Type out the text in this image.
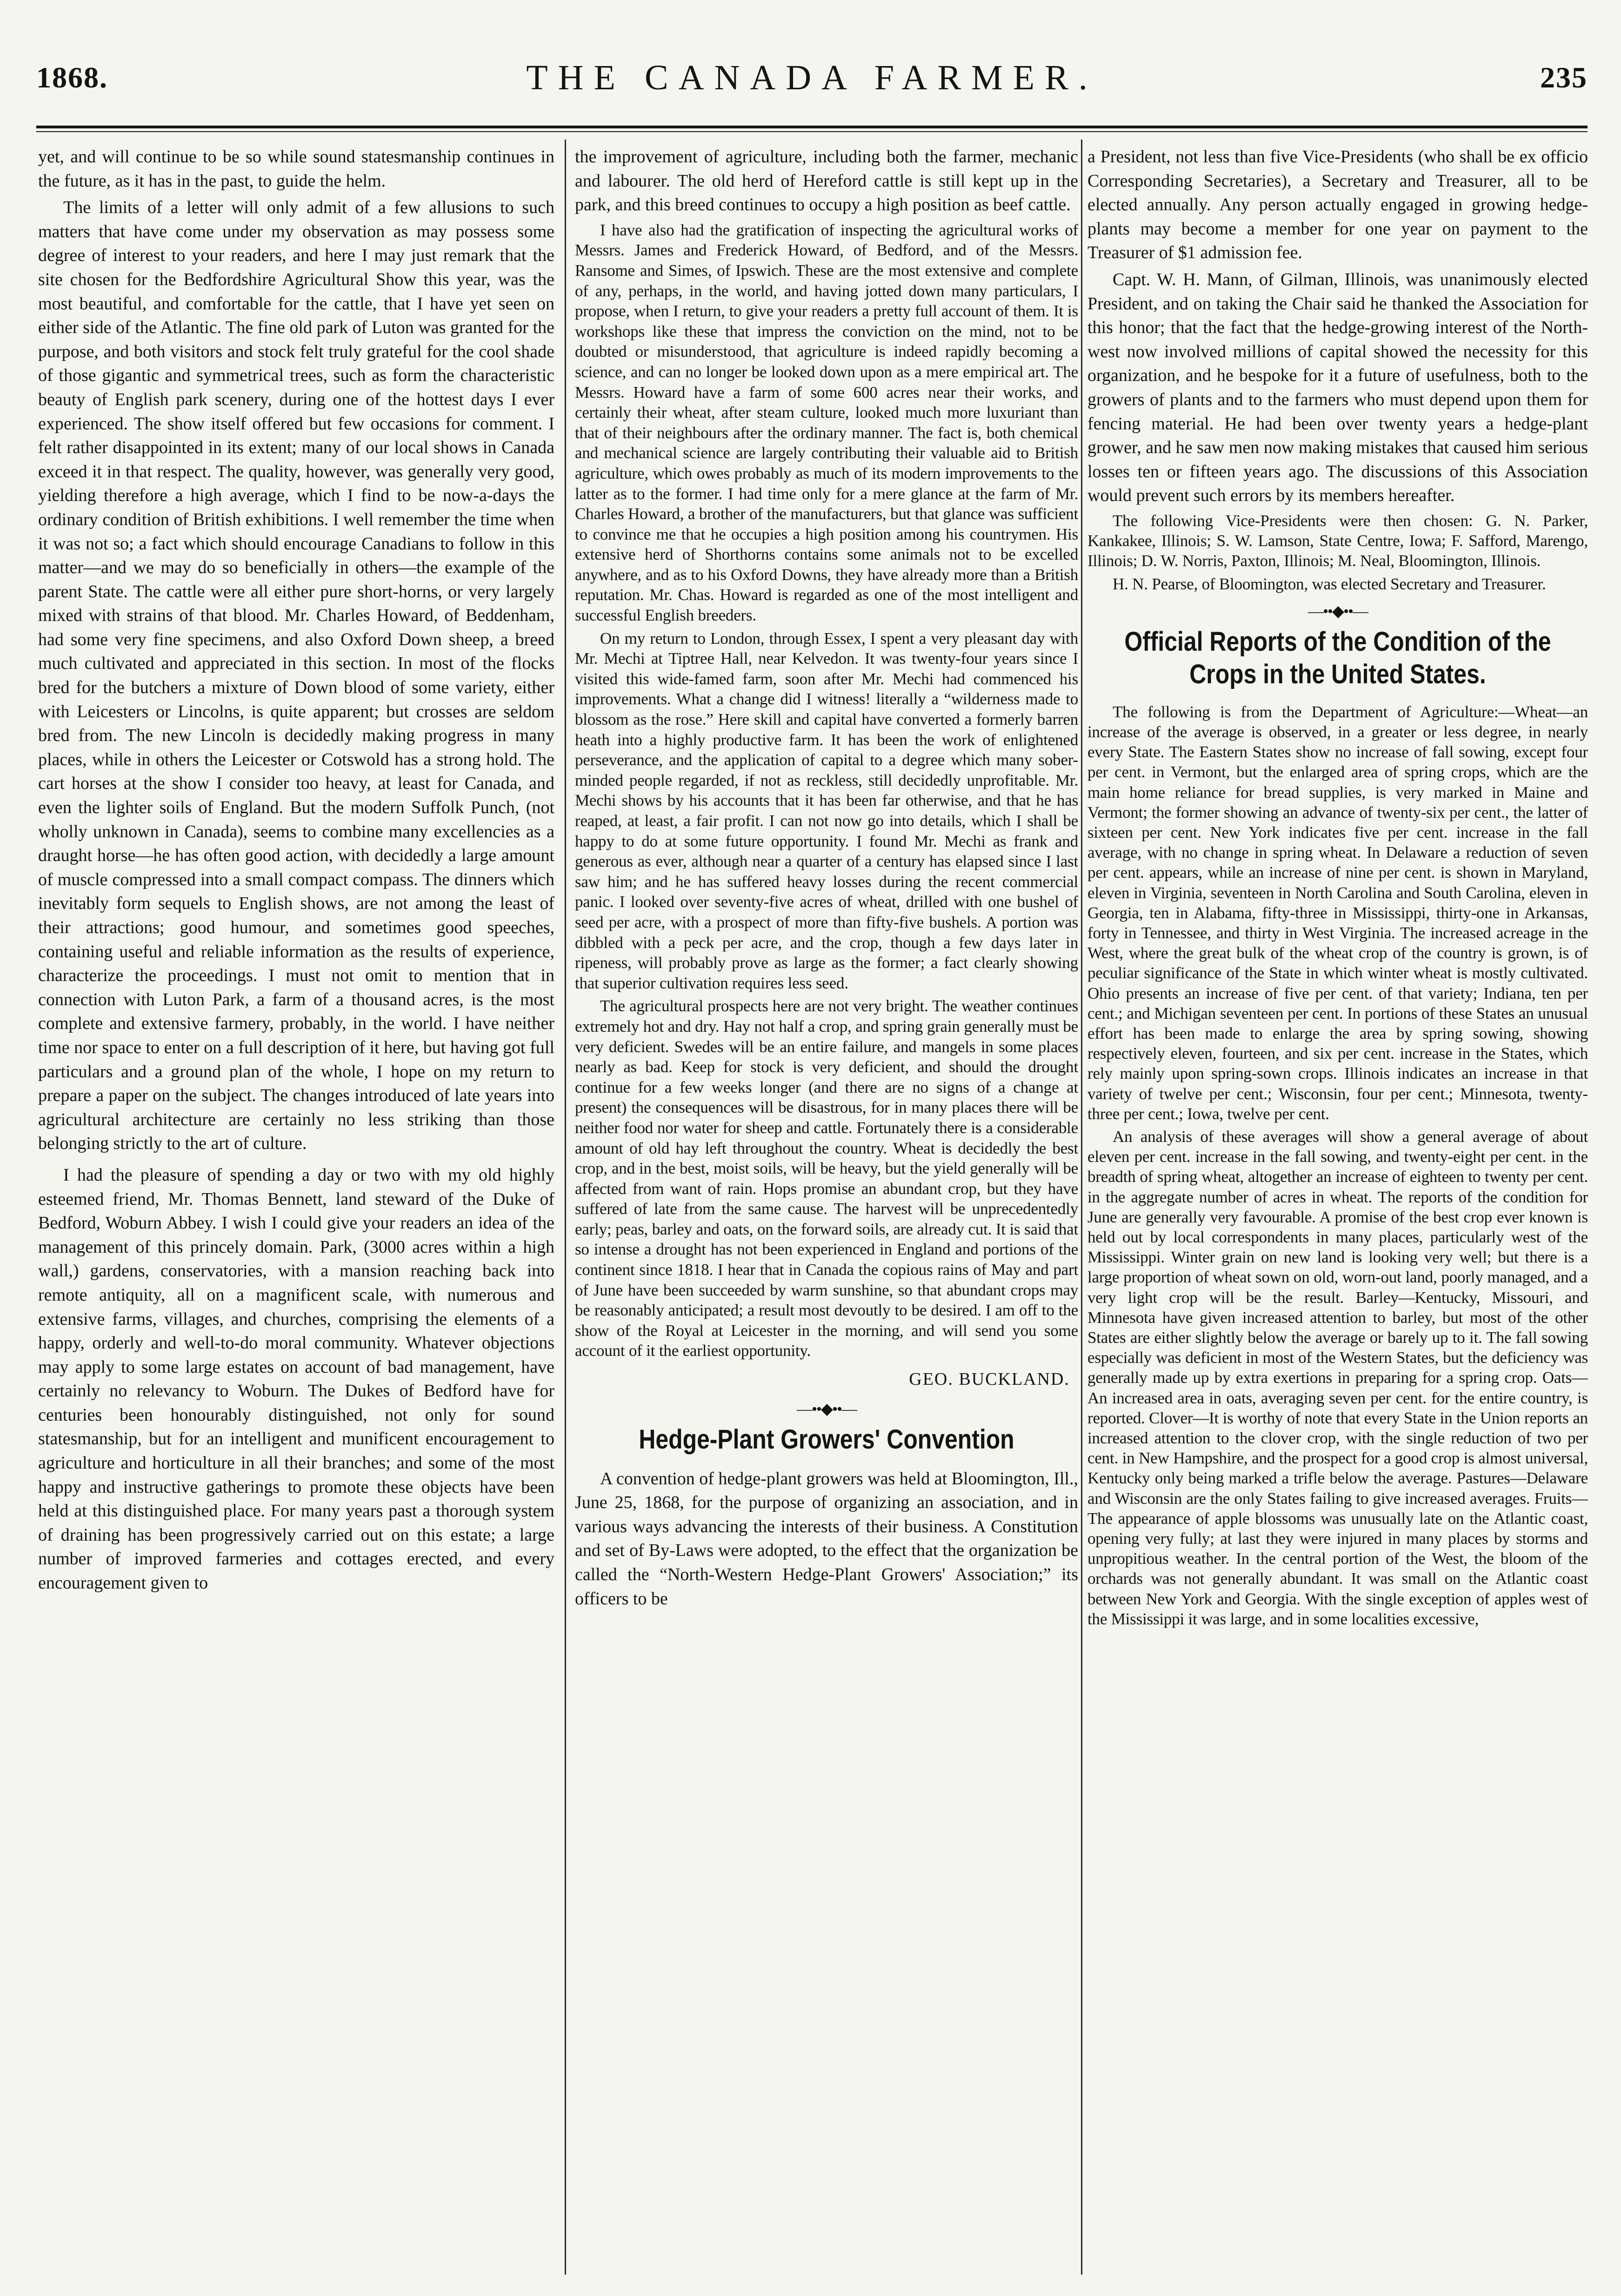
1868.	THE CANADA FARMER.	235

yet, and will continue to be so while sound statesmanship continues in the future, as it has in the past, to guide the helm.

The limits of a letter will only admit of a few allusions to such matters that have come under my observation as may possess some degree of interest to your readers, and here I may just remark that the site chosen for the Bedfordshire Agricultural Show this year, was the most beautiful, and comfortable for the cattle, that I have yet seen on either side of the Atlantic. The fine old park of Luton was granted for the purpose, and both visitors and stock felt truly grateful for the cool shade of those gigantic and symmetrical trees, such as form the characteristic beauty of English park scenery, during one of the hottest days I ever experienced. The show itself offered but few occasions for comment. I felt rather disappointed in its extent; many of our local shows in Canada exceed it in that respect. The quality, however, was generally very good, yielding therefore a high average, which I find to be now-a-days the ordinary condition of British exhibitions. I well remember the time when it was not so; a fact which should encourage Canadians to follow in this matter—and we may do so beneficially in others—the example of the parent State. The cattle were all either pure short-horns, or very largely mixed with strains of that blood. Mr. Charles Howard, of Beddenham, had some very fine specimens, and also Oxford Down sheep, a breed much cultivated and appreciated in this section. In most of the flocks bred for the butchers a mixture of Down blood of some variety, either with Leicesters or Lincolns, is quite apparent; but crosses are seldom bred from. The new Lincoln is decidedly making progress in many places, while in others the Leicester or Cotswold has a strong hold. The cart horses at the show I consider too heavy, at least for Canada, and even the lighter soils of England. But the modern Suffolk Punch, (not wholly unknown in Canada), seems to combine many excellencies as a draught horse—he has often good action, with decidedly a large amount of muscle compressed into a small compact compass. The dinners which inevitably form sequels to English shows, are not among the least of their attractions; good humour, and sometimes good speeches, containing useful and reliable information as the results of experience, characterize the proceedings. I must not omit to mention that in connection with Luton Park, a farm of a thousand acres, is the most complete and extensive farmery, probably, in the world. I have neither time nor space to enter on a full description of it here, but having got full particulars and a ground plan of the whole, I hope on my return to prepare a paper on the subject. The changes introduced of late years into agricultural architecture are certainly no less striking than those belonging strictly to the art of culture.

I had the pleasure of spending a day or two with my old highly esteemed friend, Mr. Thomas Bennett, land steward of the Duke of Bedford, Woburn Abbey. I wish I could give your readers an idea of the management of this princely domain. Park, (3000 acres within a high wall,) gardens, conservatories, with a mansion reaching back into remote antiquity, all on a magnificent scale, with numerous and extensive farms, villages, and churches, comprising the elements of a happy, orderly and well-to-do moral community. Whatever objections may apply to some large estates on account of bad management, have certainly no relevancy to Woburn. The Dukes of Bedford have for centuries been honourably distinguished, not only for sound statesmanship, but for an intelligent and munificent encouragement to agriculture and horticulture in all their branches; and some of the most happy and instructive gatherings to promote these objects have been held at this distinguished place. For many years past a thorough system of draining has been progressively carried out on this estate; a large number of improved farmeries and cottages erected, and every encouragement given to

the improvement of agriculture, including both the farmer, mechanic and labourer. The old herd of Hereford cattle is still kept up in the park, and this breed continues to occupy a high position as beef cattle.

I have also had the gratification of inspecting the agricultural works of Messrs. James and Frederick Howard, of Bedford, and of the Messrs. Ransome and Simes, of Ipswich. These are the most extensive and complete of any, perhaps, in the world, and having jotted down many particulars, I propose, when I return, to give your readers a pretty full account of them. It is workshops like these that impress the conviction on the mind, not to be doubted or misunderstood, that agriculture is indeed rapidly becoming a science, and can no longer be looked down upon as a mere empirical art. The Messrs. Howard have a farm of some 600 acres near their works, and certainly their wheat, after steam culture, looked much more luxuriant than that of their neighbours after the ordinary manner. The fact is, both chemical and mechanical science are largely contributing their valuable aid to British agriculture, which owes probably as much of its modern improvements to the latter as to the former. I had time only for a mere glance at the farm of Mr. Charles Howard, a brother of the manufacturers, but that glance was sufficient to convince me that he occupies a high position among his countrymen. His extensive herd of Shorthorns contains some animals not to be excelled anywhere, and as to his Oxford Downs, they have already more than a British reputation. Mr. Chas. Howard is regarded as one of the most intelligent and successful English breeders.

On my return to London, through Essex, I spent a very pleasant day with Mr. Mechi at Tiptree Hall, near Kelvedon. It was twenty-four years since I visited this wide-famed farm, soon after Mr. Mechi had commenced his improvements. What a change did I witness! literally a “wilderness made to blossom as the rose.” Here skill and capital have converted a formerly barren heath into a highly productive farm. It has been the work of enlightened perseverance, and the application of capital to a degree which many sober-minded people regarded, if not as reckless, still decidedly unprofitable. Mr. Mechi shows by his accounts that it has been far otherwise, and that he has reaped, at least, a fair profit. I can not now go into details, which I shall be happy to do at some future opportunity. I found Mr. Mechi as frank and generous as ever, although near a quarter of a century has elapsed since I last saw him; and he has suffered heavy losses during the recent commercial panic. I looked over seventy-five acres of wheat, drilled with one bushel of seed per acre, with a prospect of more than fifty-five bushels. A portion was dibbled with a peck per acre, and the crop, though a few days later in ripeness, will probably prove as large as the former; a fact clearly showing that superior cultivation requires less seed.

The agricultural prospects here are not very bright. The weather continues extremely hot and dry. Hay not half a crop, and spring grain generally must be very deficient. Swedes will be an entire failure, and mangels in some places nearly as bad. Keep for stock is very deficient, and should the drought continue for a few weeks longer (and there are no signs of a change at present) the consequences will be disastrous, for in many places there will be neither food nor water for sheep and cattle. Fortunately there is a considerable amount of old hay left throughout the country. Wheat is decidedly the best crop, and in the best, moist soils, will be heavy, but the yield generally will be affected from want of rain. Hops promise an abundant crop, but they have suffered of late from the same cause. The harvest will be unprecedentedly early; peas, barley and oats, on the forward soils, are already cut. It is said that so intense a drought has not been experienced in England and portions of the continent since 1818. I hear that in Canada the copious rains of May and part of June have been succeeded by warm sunshine, so that abundant crops may be reasonably anticipated; a result most devoutly to be desired. I am off to the show of the Royal at Leicester in the morning, and will send you some account of it the earliest opportunity.

GEO. BUCKLAND.
—••◆••—
Hedge-Plant Growers' Convention

A convention of hedge-plant growers was held at Bloomington, Ill., June 25, 1868, for the purpose of organizing an association, and in various ways advancing the interests of their business. A Constitution and set of By-Laws were adopted, to the effect that the organization be called the “North-Western Hedge-Plant Growers' Association;” its officers to be

a President, not less than five Vice-Presidents (who shall be ex officio Corresponding Secretaries), a Secretary and Treasurer, all to be elected annually. Any person actually engaged in growing hedge-plants may become a member for one year on payment to the Treasurer of $1 admission fee.

Capt. W. H. Mann, of Gilman, Illinois, was unanimously elected President, and on taking the Chair said he thanked the Association for this honor; that the fact that the hedge-growing interest of the North-west now involved millions of capital showed the necessity for this organization, and he bespoke for it a future of usefulness, both to the growers of plants and to the farmers who must depend upon them for fencing material. He had been over twenty years a hedge-plant grower, and he saw men now making mistakes that caused him serious losses ten or fifteen years ago. The discussions of this Association would prevent such errors by its members hereafter.

The following Vice-Presidents were then chosen: G. N. Parker, Kankakee, Illinois; S. W. Lamson, State Centre, Iowa; F. Safford, Marengo, Illinois; D. W. Norris, Paxton, Illinois; M. Neal, Bloomington, Illinois.

H. N. Pearse, of Bloomington, was elected Secretary and Treasurer.

—••◆••—
Official Reports of the Condition of the Crops in the United States.

The following is from the Department of Agriculture:—Wheat—an increase of the average is observed, in a greater or less degree, in nearly every State. The Eastern States show no increase of fall sowing, except four per cent. in Vermont, but the enlarged area of spring crops, which are the main home reliance for bread supplies, is very marked in Maine and Vermont; the former showing an advance of twenty-six per cent., the latter of sixteen per cent. New York indicates five per cent. increase in the fall average, with no change in spring wheat. In Delaware a reduction of seven per cent. appears, while an increase of nine per cent. is shown in Maryland, eleven in Virginia, seventeen in North Carolina and South Carolina, eleven in Georgia, ten in Alabama, fifty-three in Mississippi, thirty-one in Arkansas, forty in Tennessee, and thirty in West Virginia. The increased acreage in the West, where the great bulk of the wheat crop of the country is grown, is of peculiar significance of the State in which winter wheat is mostly cultivated. Ohio presents an increase of five per cent. of that variety; Indiana, ten per cent.; and Michigan seventeen per cent. In portions of these States an unusual effort has been made to enlarge the area by spring sowing, showing respectively eleven, fourteen, and six per cent. increase in the States, which rely mainly upon spring-sown crops. Illinois indicates an increase in that variety of twelve per cent.; Wisconsin, four per cent.; Minnesota, twenty-three per cent.; Iowa, twelve per cent.

An analysis of these averages will show a general average of about eleven per cent. increase in the fall sowing, and twenty-eight per cent. in the breadth of spring wheat, altogether an increase of eighteen to twenty per cent. in the aggregate number of acres in wheat. The reports of the condition for June are generally very favourable. A promise of the best crop ever known is held out by local correspondents in many places, particularly west of the Mississippi. Winter grain on new land is looking very well; but there is a large proportion of wheat sown on old, worn-out land, poorly managed, and a very light crop will be the result. Barley—Kentucky, Missouri, and Minnesota have given increased attention to barley, but most of the other States are either slightly below the average or barely up to it. The fall sowing especially was deficient in most of the Western States, but the deficiency was generally made up by extra exertions in preparing for a spring crop. Oats—An increased area in oats, averaging seven per cent. for the entire country, is reported. Clover—It is worthy of note that every State in the Union reports an increased attention to the clover crop, with the single reduction of two per cent. in New Hampshire, and the prospect for a good crop is almost universal, Kentucky only being marked a trifle below the average. Pastures—Delaware and Wisconsin are the only States failing to give increased averages. Fruits—The appearance of apple blossoms was unusually late on the Atlantic coast, opening very fully; at last they were injured in many places by storms and unpropitious weather. In the central portion of the West, the bloom of the orchards was not generally abundant. It was small on the Atlantic coast between New York and Georgia. With the single exception of apples west of the Mississippi it was large, and in some localities excessive,
